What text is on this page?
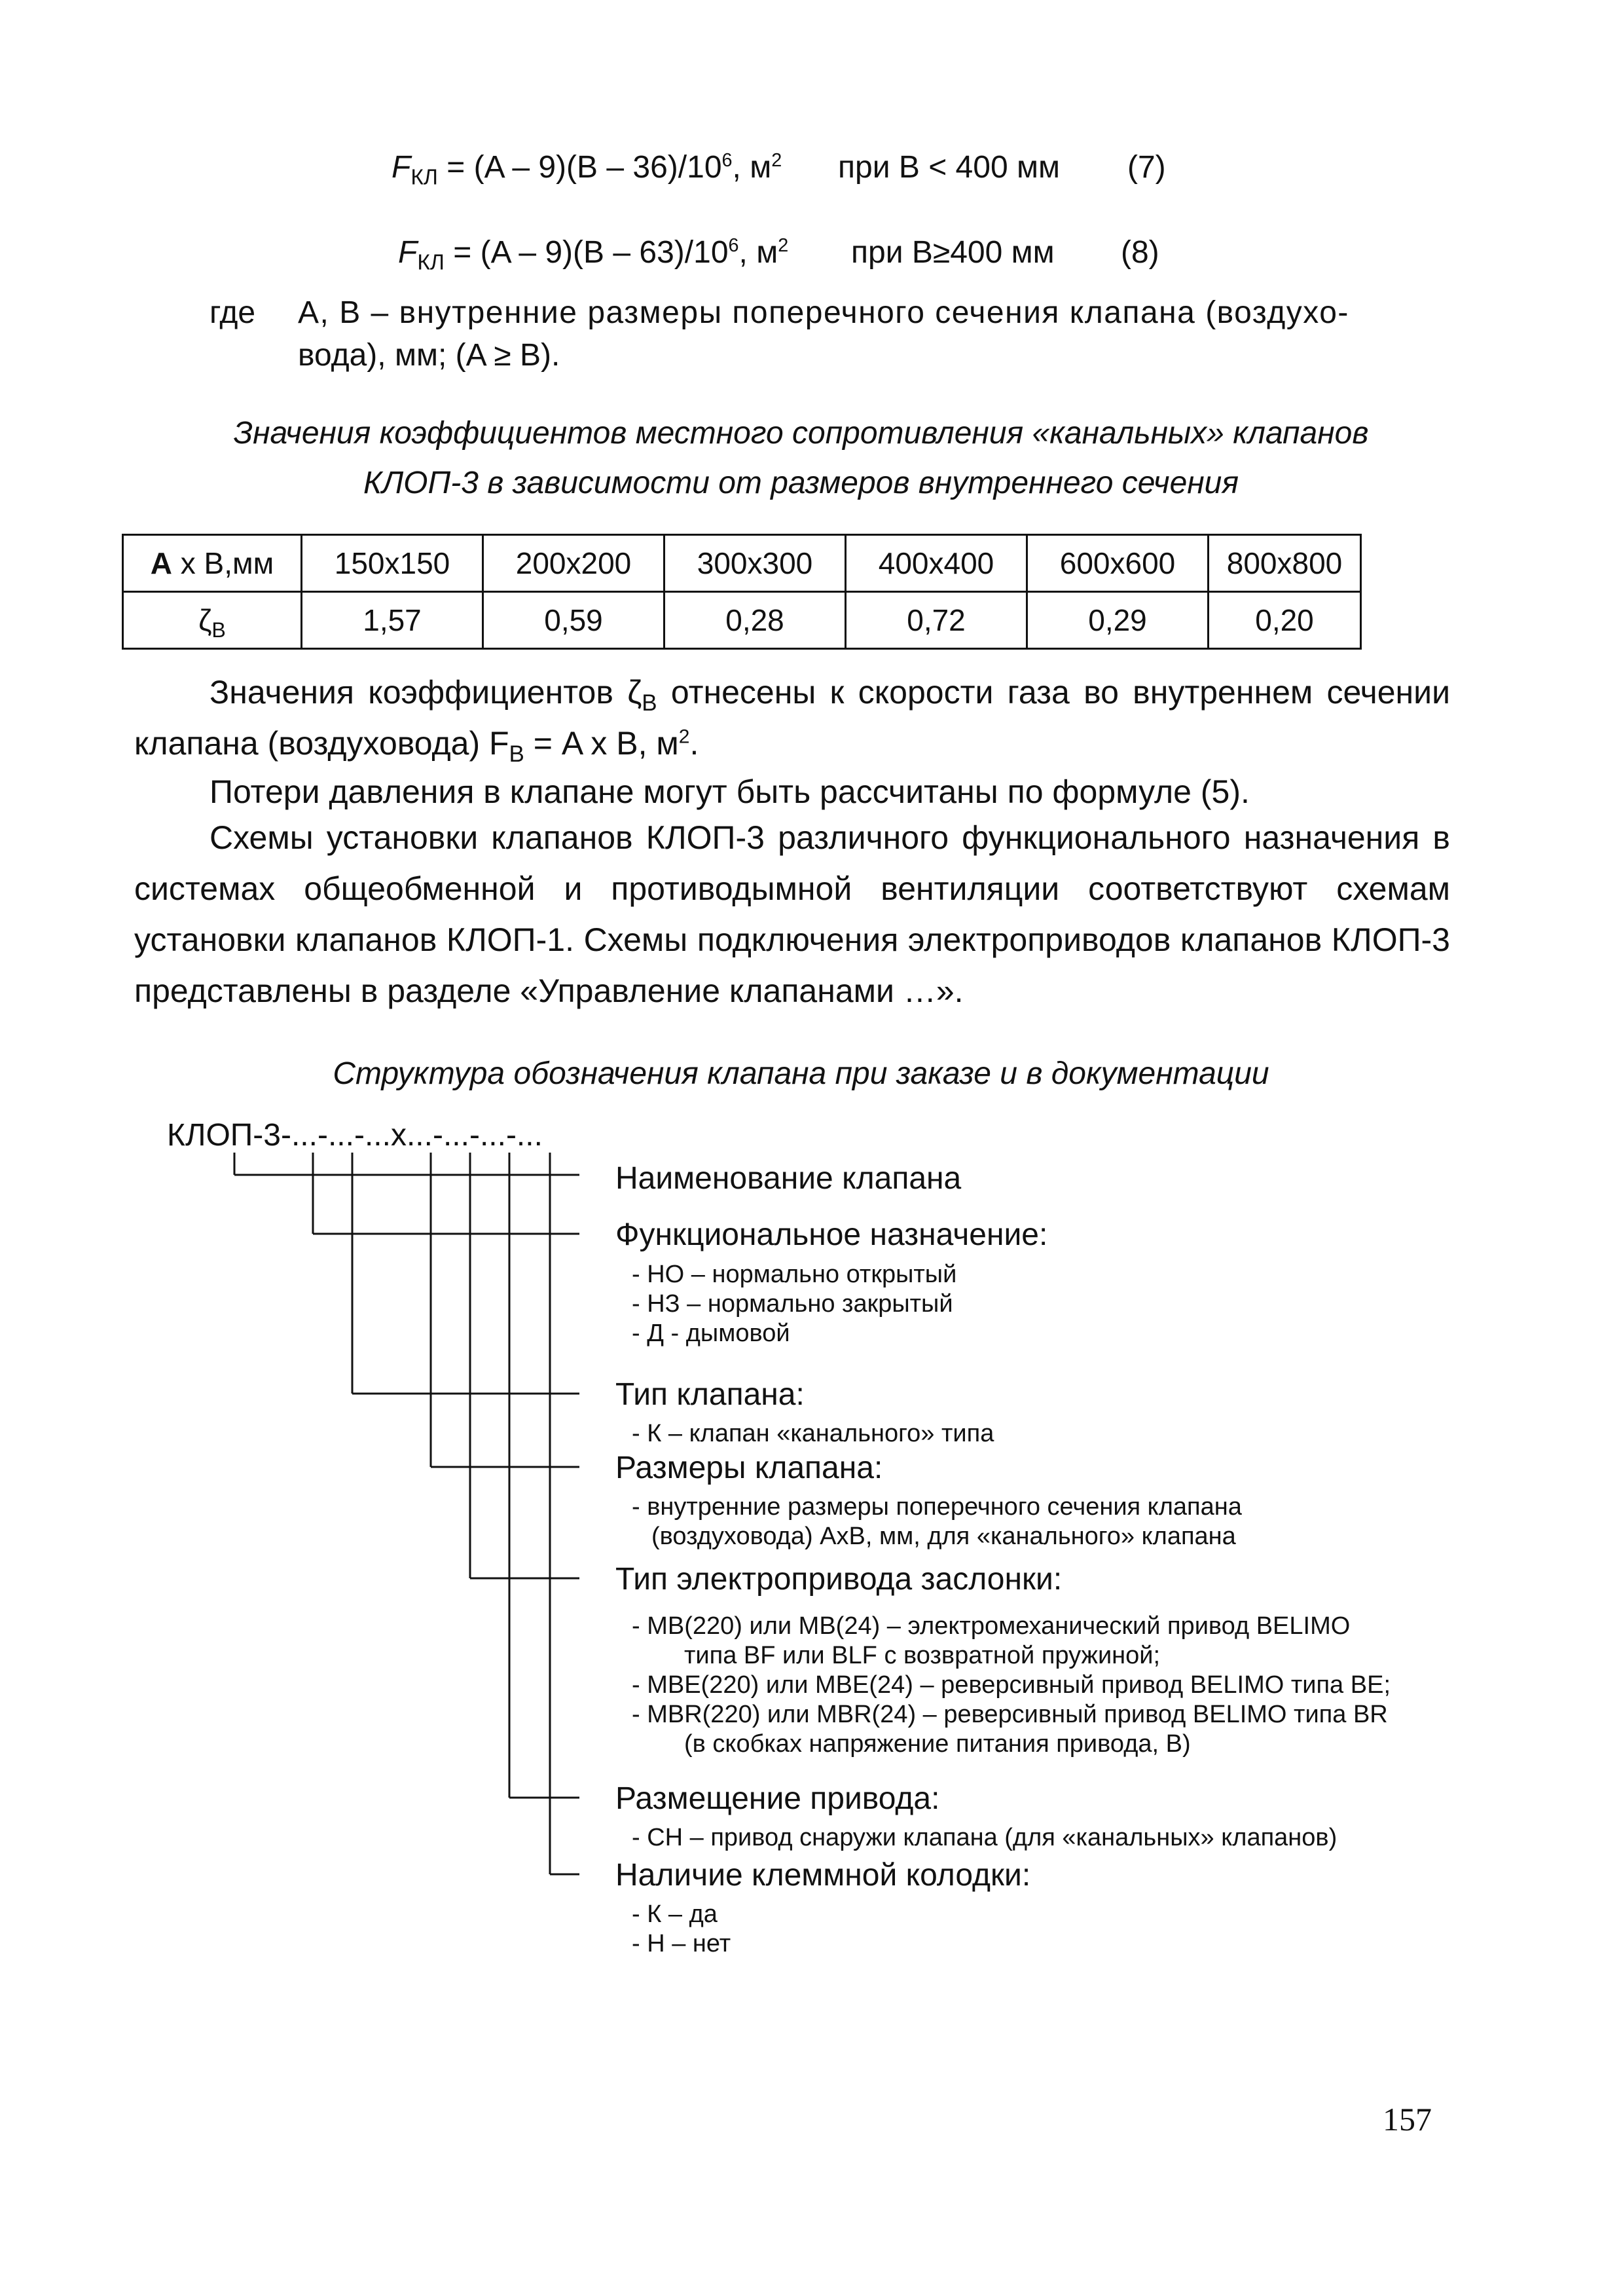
$F_{КЛ} = (A - 9)(B - 36)/10^6$, $м^2$ при B < 400 мм (7)
$F_{КЛ} = (A - 9)(B - 63)/10^6$, $м^2$ при B≥400 мм (8)
где A, B – внутренние размеры поперечного сечения клапана (воздухо-
вода), мм; (A ≥ B).
Значения коэффициентов местного сопротивления «канальных» клапанов
КЛОП-3 в зависимости от размеров внутреннего сечения
A x B,мм	150x150	200x200	300x300	400x400	600x600	800x800
$\zeta_В$	1,57	0,59	0,28	0,72	0,29	0,20
Значения коэффициентов $\zeta_В$ отнесены к скорости газа во внутреннем сечении клапана (воздуховода) $F_В = A$ x B, $м^2$.
Потери давления в клапане могут быть рассчитаны по формуле (5).
Схемы установки клапанов КЛОП-3 различного функционального назначения в системах общеобменной и противодымной вентиляции соответствуют схемам установки клапанов КЛОП-1. Схемы подключения электроприводов клапанов КЛОП-3 представлены в разделе «Управление клапанами …».
Структура обозначения клапана при заказе и в документации
КЛОП-3-...-...-...x...-...-...-...
Наименование клапана
Функциональное назначение:
- НО – нормально открытый
- НЗ – нормально закрытый
- Д - дымовой
Тип клапана:
- К – клапан «канального» типа
Размеры клапана:
- внутренние размеры поперечного сечения клапана
(воздуховода) АхВ, мм, для «канального» клапана
Тип электропривода заслонки:
- MB(220) или MB(24) – электромеханический привод BELIMO
типа BF или BLF с возвратной пружиной;
- MBE(220) или MBE(24) – реверсивный привод BELIMO типа BE;
- MBR(220) или MBR(24) – реверсивный привод BELIMO типа BR
(в скобках напряжение питания привода, В)
Размещение привода:
- СН – привод снаружи клапана (для «канальных» клапанов)
Наличие клеммной колодки:
- К – да
- Н – нет
157
